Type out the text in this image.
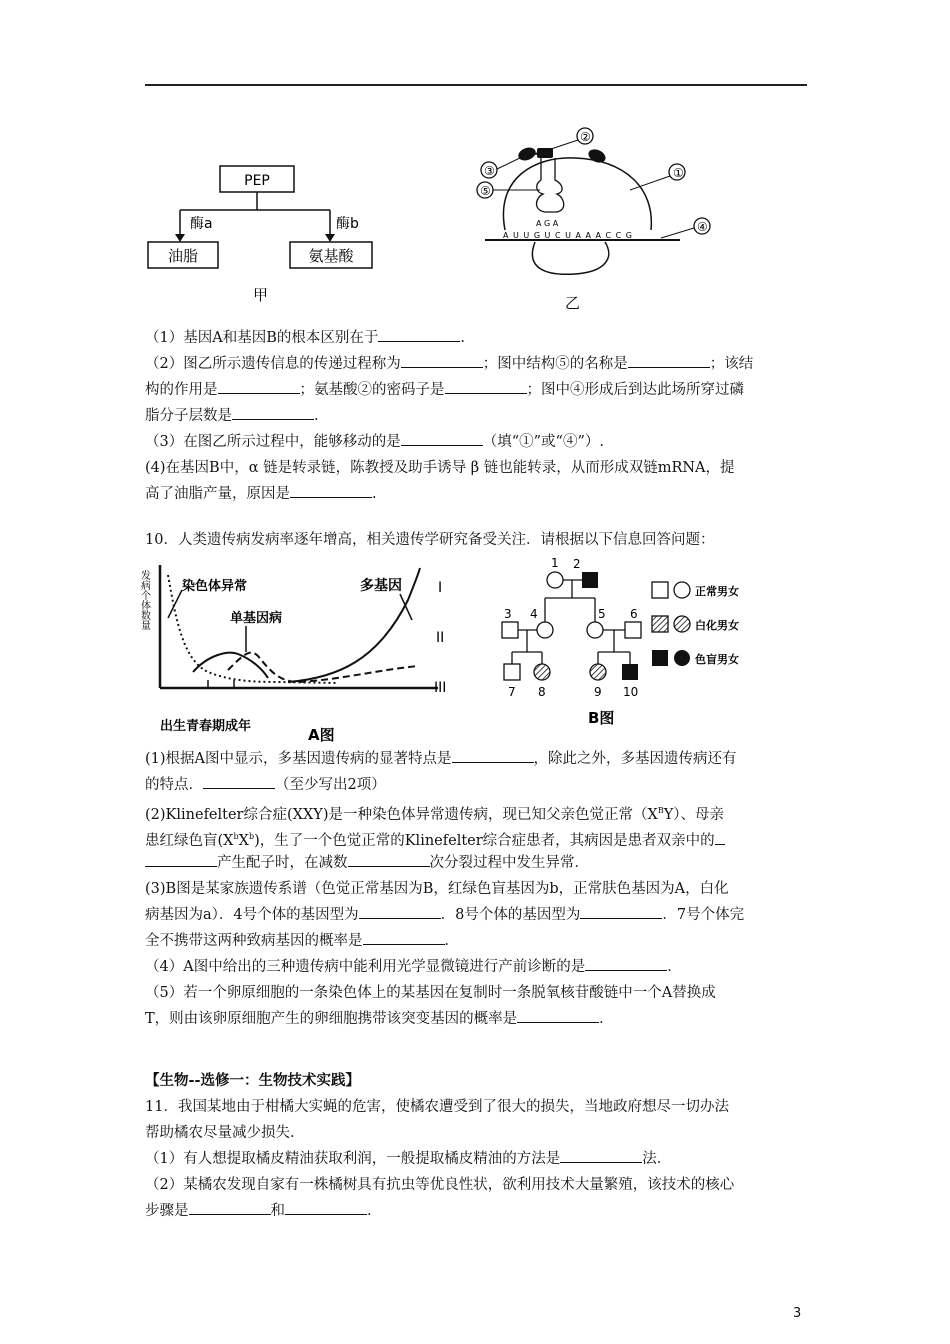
PEP
酶a	酶b
油脂	氨基酸
甲
②
③
⑤
①
A G A
A U U G U C U A A A C C G
④
乙
（1）基因A和基因B的根本区别在于	.
（2）图乙所示遗传信息的传递过程称为	；图中结构⑤的名称是	；该结
构的作用是	；氨基酸②的密码子是	；图中④形成后到达此场所穿过磷
脂分子层数是	.
（3）在图乙所示过程中，能够移动的是	（填“①”或“④”）.
(4)在基因B中，α 链是转录链，陈教授及助手诱导 β 链也能转录，从而形成双链mRNA，提
高了油脂产量，原因是	.
10．人类遗传病发病率逐年增高，相关遗传学研究备受关注．请根据以下信息回答问题：
发病个体数量	染色体异常
单基因病
多基因	I
II
III
出生青春期成年	A图
1 2
3 4	5 6
7 8	9 10
正常男女
白化男女
色盲男女
B图
(1)根据A图中显示，多基因遗传病的显著特点是	，除此之外，多基因遗传病还有
的特点．	（至少写出2项）
(2)Klinefelter综合症(XXY)是一种染色体异常遗传病，现已知父亲色觉正常$(X^BY)$、母亲
患红绿色盲$(X^bX^b)$，生了一个色觉正常的Klinefelter综合症患者，其病因是患者双亲中的
产生配子时，在减数	次分裂过程中发生异常．
(3)B图是某家族遗传系谱（色觉正常基因为B，红绿色盲基因为b，正常肤色基因为A，白化
病基因为a）．4号个体的基因型为	．8号个体的基因型为	．7号个体完
全不携带这两种致病基因的概率是	．
（4）A图中给出的三种遗传病中能利用光学显微镜进行产前诊断的是	．
（5）若一个卵原细胞的一条染色体上的某基因在复制时一条脱氧核苷酸链中一个A替换成
T，则由该卵原细胞产生的卵细胞携带该突变基因的概率是	．
【生物--选修一：生物技术实践】
11．我国某地由于柑橘大实蝇的危害，使橘农遭受到了很大的损失，当地政府想尽一切办法
帮助橘农尽量减少损失．
（1）有人想提取橘皮精油获取利润，一般提取橘皮精油的方法是	法．
（2）某橘农发现自家有一株橘树具有抗虫等优良性状，欲利用技术大量繁殖，该技术的核心
步骤是	和	．
3
